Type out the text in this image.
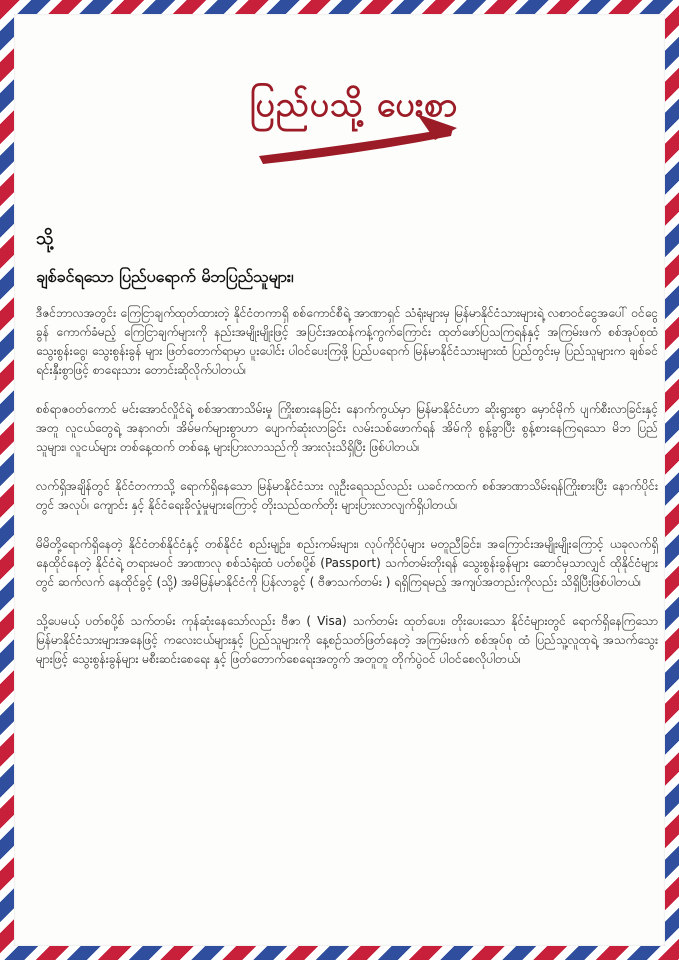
ပြည်ပသို့ ပေးစာ
သို့
ချစ်ခင်ရသော ပြည်ပရောက် မိဘပြည်သူများ၊

ဒီဇင်ဘာလအတွင်း ကြေငြာချက်ထုတ်ထားတဲ့ နိုင်ငံတကာရှိ စစ်ကောင်စီရဲ့ အာဏာရှင် သံရုံးများမှ မြန်မာနိုင်ငံသားများရဲ့ လစာဝင်ငွေအပေါ် ဝင်ငွေခွန် ကောက်ခံမည့် ကြေငြာချက်များကို နည်းအမျိုးမျိုးဖြင့် အပြင်းအထန်ကန့်ကွက်ကြောင်း ထုတ်ဖော်ပြသကြရန်နှင့် အကြမ်းဖက် စစ်အုပ်စုထံ သွေးစွန်းငွေ၊ သွေးစွန်းခွန် များ ဖြတ်တောက်ရာမှာ ပူးပေါင်း ပါဝင်ပေးကြဖို့ ပြည်ပရောက် မြန်မာနိုင်ငံသားများထံ ပြည်တွင်းမှ ပြည်သူများက ချစ်ခင်ရင်းနှီးစွာဖြင့် စာရေးသား တောင်းဆိုလိုက်ပါတယ်၊

စစ်ရာဇဝတ်ကောင် မင်းအောင်လှိုင်ရဲ့ စစ်အာဏာသိမ်းမှု ကြိုးစားနေခြင်း နောက်ကွယ်မှာ မြန်မာနိုင်ငံဟာ ဆိုးရွားစွာ မှောင်မိုက် ပျက်စီးလာခြင်းနှင့်အတူ လူငယ်တွေရဲ့ အနာဂတ်၊ အိမ်မက်များစွာဟာ ပျောက်ဆုံးလာခြင်း လမ်းသစ်ဖောက်ရန် အိမ်ကို စွန့်ခွာပြီး စွန့်စားနေကြရသော မိဘ ပြည်သူများ၊ လူငယ်များ တစ်နေ့ထက် တစ်နေ့ များပြားလာသည်ကို အားလုံးသိရှိပြီး ဖြစ်ပါတယ်၊

လက်ရှိအချိန်တွင် နိုင်ငံတကာသို့ ရောက်ရှိနေသော မြန်မာနိုင်ငံသား လူဦးရေသည်လည်း ယခင်ကထက် စစ်အာဏာသိမ်းရန်ကြိုးစားပြီး နောက်ပိုင်းတွင် အလုပ်၊ ကျောင်း နှင့် နိုင်ငံရေးခိုလှုံမှုများကြောင့် တိုးသည်ထက်တိုး များပြားလာလျက်ရှိပါတယ်၊

မိမိတို့ရောက်ရှိနေတဲ့ နိုင်ငံတစ်နိုင်ငံနှင့် တစ်နိုင်ငံ စည်းမျဉ်း၊ စည်းကမ်းများ၊ လုပ်ကိုင်ပုံများ မတူညီခြင်း၊ အကြောင်းအမျိုးမျိုးကြောင့် ယခုလက်ရှိ နေထိုင်နေတဲ့ နိုင်ငံရဲ့ တရားမဝင် အာဏာလု စစ်သံရုံးထံ ပတ်စပို့စ် (Passport) သက်တမ်းတိုးရန် သွေးစွန်းခွန်များ ဆောင်မှသာလျှင် ထိုနိုင်ငံများတွင် ဆက်လက် နေထိုင်ခွင့် (သို့) အမိမြန်မာနိုင်ငံကို ပြန်လာခွင့် ( ဗီဇာသက်တမ်း ) ရရှိကြရမည့် အကျပ်အတည်းကိုလည်း သိရှိပြီးဖြစ်ပါတယ်၊

သို့ပေမယ့် ပတ်စပို့စ် သက်တမ်း ကုန်ဆုံးနေသော်လည်း ဗီဇာ ( Visa) သက်တမ်း ထုတ်ပေး၊ တိုးပေးသော နိုင်ငံများတွင် ရောက်ရှိနေကြသော မြန်မာနိုင်ငံသားများအနေဖြင့် ကလေးငယ်များနှင့် ပြည်သူများကို နေ့စဉ်သတ်ဖြတ်နေတဲ့ အကြမ်းဖက် စစ်အုပ်စု ထံ ပြည်သူ့လူထုရဲ့ အသက်သွေးများဖြင့် သွေးစွန်းခွန်များ မစီးဆင်းစေရေး နှင့် ဖြတ်တောက်စေရေးအတွက် အတူတူ တိုက်ပွဲဝင် ပါဝင်စေလိုပါတယ်၊
